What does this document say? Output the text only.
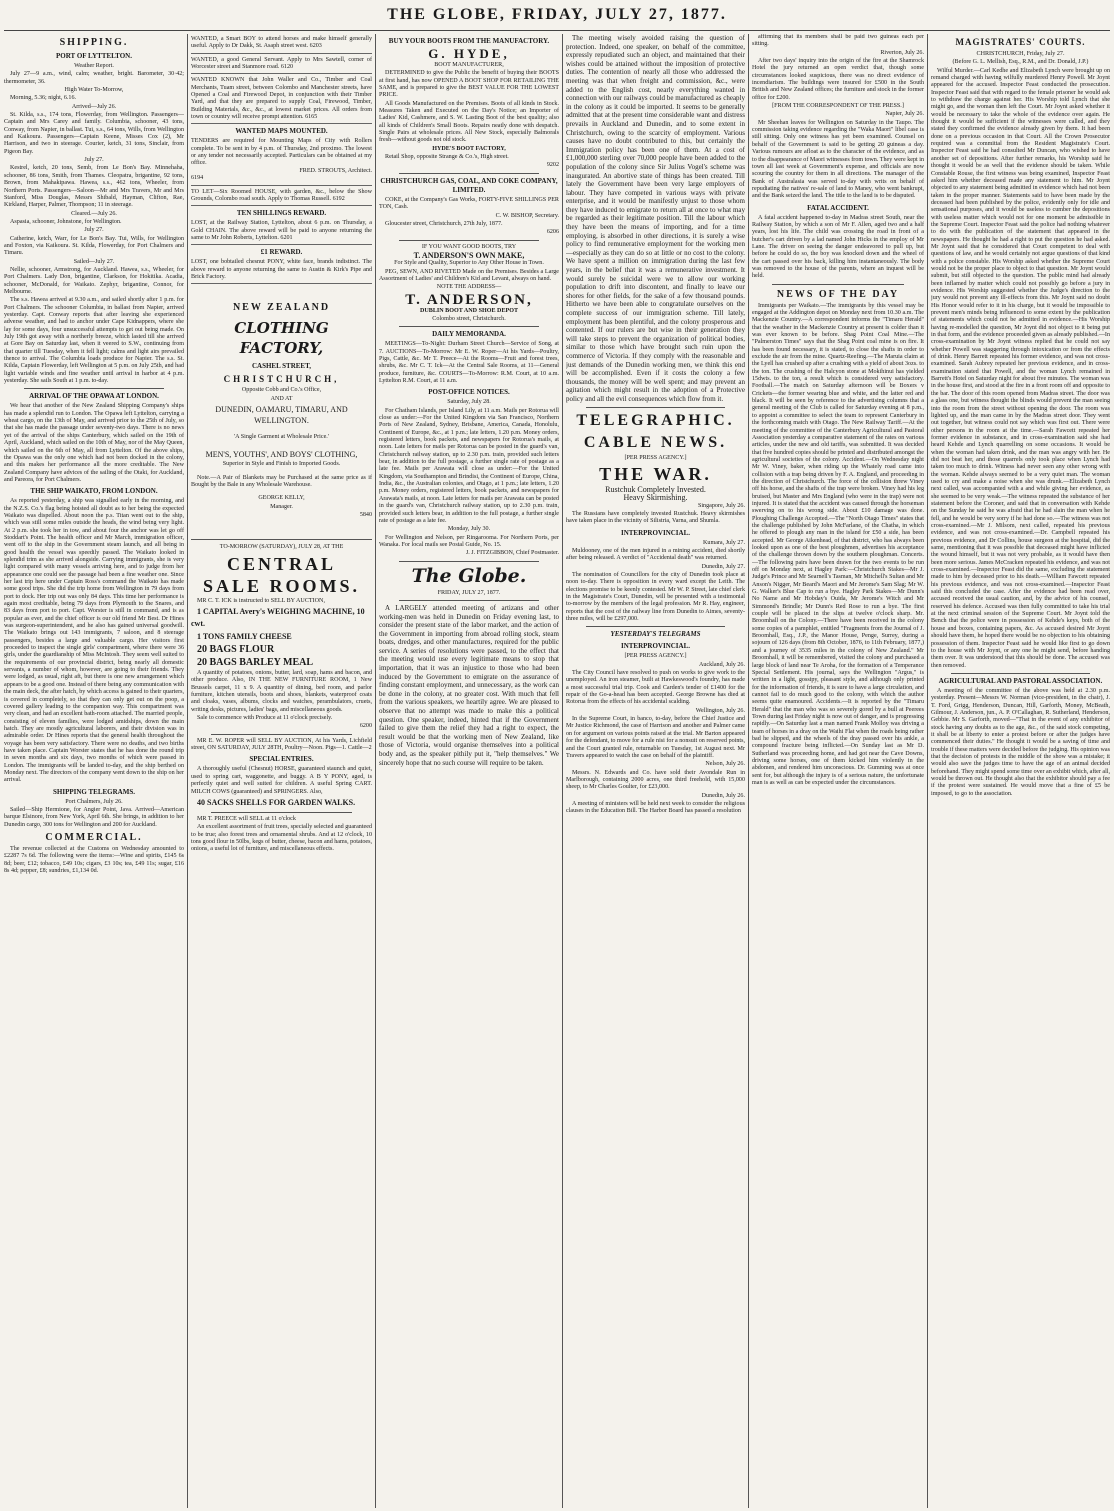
THE GLOBE, FRIDAY, JULY 27, 1877.
SHIPPING.
PORT OF LYTTELTON.

Weather Report.

July 27—9 a.m., wind, calm; weather, bright. Barometer, 30·42; thermometer, 36.

High Water To-Morrow,

Morning, 5.36; night, 6.16.

Arrived—July 26.

St. Kilda, s.s., 174 tons, Flowerday, from Wellington. Passengers—Captain and Mrs Carey and family. Columbia, schooner, 43 tons, Conway, from Napier, in ballast. Tui, s.s., 64 tons, Wills, from Wellington and Kaikoura. Passengers—Captain Keene, Misses Cox (2), Mr Harrison, and two in steerage. Courier, ketch, 31 tons, Sinclair, from Pigeon Bay.

July 27.

Kestrel, ketch, 20 tons, Semb, from Le Bon's Bay. Minnehaha, schooner, 86 tons, Smith, from Thames. Cleopatra, brigantine, 92 tons, Brown, from Mahakipawa. Hawea, s.s., 462 tons, Wheeler, from Northern Ports. Passengers—Saloon—Mr and Mrs Travers, Mr and Mrs Stanford, Miss Douglas, Messrs Shibald, Hayman, Clifton, Rae, Kirkland, Harper, Palmer, Thompson; 11 in steerage.

Cleared.—July 26.

Aspasia, schooner, Johnstone, for Wellington.

July 27.

Catherine, ketch, Warr, for Le Bon's Bay. Tui, Wills, for Wellington and Foxton, via Kaikoura. St. Kilda, Flowerday, for Port Chalmers and Timaru.

Sailed—July 27.

Nellie, schooner, Armstrong, for Auckland. Hawea, s.s., Wheeler, for Port Chalmers. Lady Don, brigantine, Clarkson, for Hokitika. Acadia, schooner, McDonald, for Waikato. Zephyr, brigantine, Connor, for Melbourne.

The s.s. Hawea arrived at 9.30 a.m., and sailed shortly after 1 p.m. for Port Chalmers. The schooner Columbia, in ballast from Napier, arrived yesterday. Capt. Conway reports that after leaving she experienced adverse weather, and had to anchor under Cape Kidnappers, where she lay for some days, four unsuccessful attempts to get out being made. On July 19th got away with a northerly breeze, which lasted till she arrived at Gore Bay on Saturday last, when it veered to S.W., continuing from that quarter till Tuesday, when it fell light; calms and light airs prevailed thence to arrival. The Columbia loads produce for Napier. The s.s. St. Kilda, Captain Flowerday, left Wellington at 5 p.m. on July 25th, and had light variable winds and fine weather until arrival in harbor at 4 p.m. yesterday. She sails South at 1 p.m. to-day.

ARRIVAL OF THE OPAWA AT LONDON.

We hear that another of the New Zealand Shipping Company's ships has made a splendid run to London. The Opawa left Lyttelton, carrying a wheat cargo, on the 13th of May, and arrived prior to the 25th of July, so that she has made the passage under seventy-two days. There is no news yet of the arrival of the ships Canterbury, which sailed on the 19th of April, Auckland, which sailed on the 10th of May, nor of the May Queen, which sailed on the 6th of May, all from Lyttelton. Of the above ships, the Opawa was the only one which had not been docked in the colony, and this makes her performance all the more creditable. The New Zealand Company have advices of the sailing of the Otaki, for Auckland, and Pareora, for Port Chalmers.

THE SHIP WAIKATO, FROM LONDON.

As reported yesterday, a ship was signalled early in the morning, and the N.Z.S. Co.'s flag being hoisted all doubt as to her being the expected Waikato was dispelled. About noon the p.s. Titan went out to the ship, which was still some miles outside the heads, the wind being very light. At 2 p.m. she took her in tow, and about four the anchor was let go off Stoddart's Point. The health officer and Mr March, immigration officer, went off to the ship in the Government steam launch, and all being in good health the vessel was speedily passed. The Waikato looked in splendid trim as she arrived alongside. Carrying immigrants, she is very light compared with many vessels arriving here, and to judge from her appearance one could see the passage had been a fine weather one. Since her last trip here under Captain Ross's command the Waikato has made some good trips. She did the trip home from Wellington in 79 days from port to dock. Her trip out was only 84 days. This time her performance is again most creditable, being 79 days from Plymouth to the Snares, and 83 days from port to port. Capt. Worster is still in command, and is as popular as ever, and the chief officer is our old friend Mr Best. Dr Hines was surgeon-superintendent, and he also has gained universal goodwill. The Waikato brings out 143 immigrants, 7 saloon, and 8 steerage passengers, besides a large and valuable cargo. Her visitors first proceeded to inspect the single girls' compartment, where there were 36 girls, under the guardianship of Miss McIntosh. They seem well suited to the requirements of our provincial district, being nearly all domestic servants, a number of whom, however, are going to their friends. They were lodged, as usual, right aft, but there is one new arrangement which appears to be a good one. Instead of there being any communication with the main deck, the after hatch, by which access is gained to their quarters, is covered in completely, so that they can only get out on the poop, a covered gallery leading to the companion way. This compartment was very clean, and had an excellent bath-room attached. The married people, consisting of eleven families, were lodged amidships, down the main hatch. They are mostly agricultural laborers, and their division was in admirable order. Dr Hines reports that the general health throughout the voyage has been very satisfactory. There were no deaths, and two births have taken place. Captain Worster states that he has done the round trip in seven months and six days, two months of which were passed in London. The immigrants will be landed to-day, and the ship berthed on Monday next. The directors of the company went down to the ship on her arrival.

SHIPPING TELEGRAMS.

Port Chalmers, July 26.

Sailed—Ship Hermione, for Angier Point, Java. Arrived—American barque Elsinore, from New York, April 6th. She brings, in addition to her Dunedin cargo, 300 tons for Wellington and 200 for Auckland.

COMMERCIAL.

The revenue collected at the Customs on Wednesday amounted to £2287 7s 6d. The following were the items:—Wine and spirits, £145 6s 8d; beer, £12; tobacco, £49 10s; cigars, £3 10s; tea, £49 11s; sugar, £16 8s 4d; pepper, £8; sundries, £1,134 0d.

WANTED, a Smart BOY to attend horses and make himself generally useful. Apply to Dr Dakk, St. Asaph street west. 6203
WANTED, a good General Servant. Apply to Mrs Sawtell, corner of Worcester street and Stanmore road. 6120
WANTED KNOWN that John Waller and Co., Timber and Coal Merchants, Tuam street, between Colombo and Manchester streets, have Opened a Coal and Firewood Depot, in conjunction with their Timber Yard, and that they are prepared to supply Coal, Firewood, Timber, Building Materials, &c., &c., at lowest market prices. All orders from town or country will receive prompt attention. 6165
WANTED MAPS MOUNTED.
TENDERS are required for Mounting Maps of City with Rollers complete. To be sent in by 4 p.m. of Thursday, 2nd proximo. The lowest or any tender not necessarily accepted. Particulars can be obtained at my office.
FRED. STROUTS, Architect.
6194
TO LET—Six Roomed HOUSE, with garden, &c., below the Show Grounds, Colombo road south. Apply to Thomas Russell. 6192
TEN SHILLINGS REWARD.
LOST, at the Railway Station, Lyttelton, about 6 p.m. on Thursday, a Gold CHAIN. The above reward will be paid to anyone returning the same to Mr John Roberts, Lyttelton. 6201
£1 REWARD.
LOST, one bobtailed chesnut PONY, white face, brands indistinct. The above reward to anyone returning the same to Austin & Kirk's Pipe and Brick Factory.
NEW ZEALAND
CLOTHING FACTORY,
CASHEL STREET,
CHRISTCHURCH,

Opposite Cobb and Co.'s Office,

AND AT

DUNEDIN, OAMARU, TIMARU, AND WELLINGTON.

'A Single Garment at Wholesale Price.'

MEN'S, YOUTHS', AND BOYS' CLOTHING,

Superior in Style and Finish to Imported Goods.

Note.—A Pair of Blankets may be Purchased at the same price as if Bought by the Bale in any Wholesale Warehouse.

GEORGE KELLY,

Manager.

5840

TO-MORROW (SATURDAY), JULY 28, AT THE

CENTRAL
SALE ROOMS.

MR C. T. ICK is instructed to SELL BY AUCTION,

1 CAPITAL Avery's WEIGHING MACHINE, 10 cwt.

1 TONS FAMILY CHEESE

20 BAGS FLOUR

20 BAGS BARLEY MEAL

A quantity of potatoes, onions, butter, lard, soap, hams and bacon, and other produce. Also, IN THE NEW FURNITURE ROOM, 1 New Brussels carpet, 11 x 9. A quantity of dining, bed room, and parlor furniture, kitchen utensils, boots and shoes, blankets, waterproof coats and cloaks, vases, albums, clocks and watches, perambulators, cruets, writing desks, pictures, ladies' bags, and miscellaneous goods.

Sale to commence with Produce at 11 o'clock precisely.

6200

MR E. W. ROPER will SELL BY AUCTION, At his Yards, Lichfield street, ON SATURDAY, JULY 28TH, Poultry—Noon. Pigs—1. Cattle—2

SPECIAL ENTRIES.

A thoroughly useful (Chesnut) HORSE, guaranteed staunch and quiet, used to spring cart, waggonette, and buggy. A B Y PONY, aged, is perfectly quiet and well suited for children. A useful Spring CART. MILCH COWS (guaranteed) and SPRINGERS. Also,

40 SACKS SHELLS FOR GARDEN WALKS.

MR T. PREECE will SELL at 11 o'clock

An excellent assortment of fruit trees, specially selected and guaranteed to be true; also forest trees and ornamental shrubs. And at 12 o'clock, 10 tons good flour in 50lbs, kegs of butter, cheese, bacon and hams, potatoes, onions, a useful lot of furniture, and miscellaneous effects.

BUY YOUR BOOTS FROM THE MANUFACTORY.
G. HYDE,

BOOT MANUFACTURER,

DETERMINED to give the Public the benefit of buying their BOOTS at first hand, has now OPENED A BOOT SHOP FOR RETAILING THE SAME, and is prepared to give the BEST VALUE FOR THE LOWEST PRICE.

All Goods Manufactured on the Premises. Boots of all kinds in Stock. Measures Taken and Executed on the Day's Notice; an Importer of Ladies' Kid, Cashmere, and S. W. Lasting Boot of the best quality; also all kinds of Children's Small Boots. Repairs neatly done with despatch. Single Pairs at wholesale prices. All New Stock, especially Balmorals fresh—without goods not old stock.

HYDE'S BOOT FACTORY,

Retail Shop, opposite Strange & Co.'s, High street.

9202

CHRISTCHURCH GAS, COAL, AND COKE COMPANY, LIMITED.

COKE, at the Company's Gas Works, FORTY-FIVE SHILLINGS PER TON, Cash.

C. W. BISHOP, Secretary.

Gloucester street, Christchurch, 27th July, 1877.

6206

IF YOU WANT GOOD BOOTS, TRY

T. ANDERSON'S OWN MAKE,

For Style and Quality, Superior to Any Other House in Town.

PEG, SEWN, AND RIVETED Made on the Premises. Besides a Large Assortment of Ladies' and Children's Kid and Levant, always on hand.

NOTE THE ADDRESS—

T. ANDERSON,

DUBLIN BOOT AND SHOE DEPOT

Colombo street, Christchurch.

DAILY MEMORANDA.

MEETINGS—To-Night: Durham Street Church—Service of Song, at 7. AUCTIONS—To-Morrow: Mr E. W. Roper—At his Yards—Poultry, Pigs, Cattle, &c. Mr T. Preece—At the Rooms—Fruit and forest trees, shrubs, &c. Mr C. T. Ick—At the Central Sale Rooms, at 11—General produce, furniture, &c. COURTS—To-Morrow: R.M. Court, at 10 a.m. Lyttelton R.M. Court, at 11 a.m.

POST-OFFICE NOTICES.

Saturday, July 28.

For Chatham Islands, per Island Lily, at 11 a.m. Mails per Rotorua will close as under:—For the United Kingdom via San Francisco, Northern Ports of New Zealand, Sydney, Brisbane, America, Canada, Honolulu, Continent of Europe, &c., at 1 p.m.; late letters, 1.20 p.m. Money orders, registered letters, book packets, and newspapers for Rotorua's mails, at noon. Late letters for mails per Rotorua can be posted in the guard's van, Christchurch railway station, up to 2.30 p.m. train, provided such letters bear, in addition to the full postage, a further single rate of postage as a late fee. Mails per Arawata will close as under:—For the United Kingdom, via Southampton and Brindisi, the Continent of Europe, China, India, &c., the Australian colonies, and Otago, at 1 p.m.; late letters, 1.20 p.m. Money orders, registered letters, book packets, and newspapers for Arawata's mails, at noon. Late letters for mails per Arawata can be posted in the guard's van, Christchurch railway station, up to 2.30 p.m. train, provided such letters bear, in addition to the full postage, a further single rate of postage as a late fee.

Monday, July 30.

For Wellington and Nelson, per Ringarooma. For Northern Ports, per Wanaka. For local mails see Postal Guide, No. 15.

J. J. FITZGIBBON, Chief Postmaster.

The Globe.

FRIDAY, JULY 27, 1877.

A LARGELY attended meeting of artizans and other working-men was held in Dunedin on Friday evening last, to consider the present state of the labor market, and the action of the Government in importing from abroad rolling stock, steam boats, dredges, and other manufactures, required for the public service. A series of resolutions were passed, to the effect that the meeting would use every legitimate means to stop that importation, that it was an injustice to those who had been induced by the Government to emigrate on the assurance of finding constant employment, and unnecessary, as the work can be done in the colony, at no greater cost. With much that fell from the various speakers, we heartily agree. We are pleased to observe that no attempt was made to make this a political question. One speaker, indeed, hinted that if the Government failed to give them the relief they had a right to expect, the result would be that the working men of New Zealand, like those of Victoria, would organise themselves into a political body and, as the speaker pithily put it, "help themselves." We sincerely hope that no such course will require to be taken.

The meeting wisely avoided raising the question of protection. Indeed, one speaker, on behalf of the committee, expressly repudiated such an object, and maintained that their wishes could be attained without the imposition of protective duties. The contention of nearly all those who addressed the meeting was that when freight and commission, &c., were added to the English cost, nearly everything wanted in connection with our railways could be manufactured as cheaply in the colony as it could be imported. It seems to be generally admitted that at the present time considerable want and distress prevails in Auckland and Dunedin, and to some extent in Christchurch, owing to the scarcity of employment. Various causes have no doubt contributed to this, but certainly the Immigration policy has been one of them. At a cost of £1,000,000 sterling over 70,000 people have been added to the population of the colony since Sir Julius Vogel's scheme was inaugurated. An abortive state of things has been created. Till lately the Government have been very large employers of labour. They have competed in various ways with private enterprise, and it would be manifestly unjust to those whom they have induced to emigrate to return all at once to what may be regarded as their legitimate position. Till the labour which they have been the means of importing, and for a time employing, is absorbed in other directions, it is surely a wise policy to find remunerative employment for the working men—especially as they can do so at little or no cost to the colony. We have spent a million on immigration during the last few years, in the belief that it was a remunerative investment. It would surely be suicidal were we to allow our working population to drift into discontent, and finally to leave our shores for other fields, for the sake of a few thousand pounds. Hitherto we have been able to congratulate ourselves on the complete success of our immigration scheme. Till lately, employment has been plentiful, and the colony prosperous and contented. If our rulers are but wise in their generation they will take steps to prevent the organization of political bodies, similar to those which have brought such ruin upon the commerce of Victoria. If they comply with the reasonable and just demands of the Dunedin working men, we think this end will be accomplished. Even if it costs the colony a few thousands, the money will be well spent; and may prevent an agitation which might result in the adoption of a Protective policy and all the evil consequences which flow from it.

TELEGRAPHIC.
CABLE NEWS.

[PER PRESS AGENCY.]

THE WAR.

Rustchuk Completely Invested.

Heavy Skirmishing.

Singapore, July 26.

The Russians have completely invested Rustchuk. Heavy skirmishes have taken place in the vicinity of Silistria, Varna, and Shumla.

INTERPROVINCIAL.

Kumara, July 27.

Muldooney, one of the men injured in a mining accident, died shortly after being released. A verdict of "Accidental death" was returned.

Dunedin, July 27.

The nomination of Councillors for the city of Dunedin took place at noon to-day. There is opposition in every ward except the Leith. The elections promise to be keenly contested. Mr W. P. Street, late chief clerk in the Magistrate's Court, Dunedin, will be presented with a testimonial to-morrow by the members of the legal profession. Mr R. Hay, engineer, reports that the cost of the railway line from Dunedin to Aimes, seventy-three miles, will be £297,000.

YESTERDAY'S TELEGRAMS
INTERPROVINCIAL.

[PER PRESS AGENCY.]

Auckland, July 26.

The City Council have resolved to push on works to give work to the unemployed. An iron steamer, built at Hawkeswood's foundry, has made a most successful trial trip. Cook and Carden's tender of £1400 for the repair of the Go-a-head has been accepted. George Browne has died at Rotorua from the effects of his accidental scalding.

Wellington, July 26.

In the Supreme Court, in banco, to-day, before the Chief Justice and Mr Justice Richmond, the case of Harrison and another and Palmer came on for argument on various points raised at the trial. Mr Barton appeared for the defendant, to move for a rule nisi for a nonsuit on reserved points, and the Court granted rule, returnable on Tuesday, 1st August next. Mr Travers appeared to watch the case on behalf of the plaintiff.

Nelson, July 26.

Messrs. N. Edwards and Co. have sold their Avondale Run in Marlborough, containing 2000 acres, one third freehold, with 15,000 sheep, to Mr Charles Goulter, for £23,000.

Dunedin, July 26.

A meeting of ministers will be held next week to consider the religious clauses in the Education Bill. The Harbor Board has passed a resolution

affirming that its members shall be paid two guineas each per sitting.

Riverton, July 26.

After two days' inquiry into the origin of the fire at the Shamrock Hotel the jury returned an open verdict that, though some circumstances looked suspicious, there was no direct evidence of incendiarism. The buildings were insured for £500 in the South British and New Zealand offices; the furniture and stock in the former office for £200.

[FROM THE CORRESPONDENT OF THE PRESS.]

Napier, July 26.

Mr Sheehan leaves for Wellington on Saturday in the Taupo. The commission taking evidence regarding the "Waka Maori" libel case is still sitting. Only one witness has yet been examined. Counsel on behalf of the Government is said to be getting 20 guineas a day. Various rumours are afloat as to the character of the evidence, and as to the disappearance of Maori witnesses from town. They were kept in town all last week at Government's expense, and officials are now scouring the country for them in all directions. The manager of the Bank of Australasia was served to-day with writs on behalf of repudiating the natives' re-sale of land to Maney, who went bankrupt, and the Bank seized the land. The title to the land is to be disputed.

FATAL ACCIDENT.

A fatal accident happened to-day in Madras street South, near the Railway Station, by which a son of Mr F. Allen, aged two and a half years, lost his life. The child was crossing the road in front of a butcher's cart driven by a lad named John Hicks in the employ of Mr Lane. The driver on seeing the danger endeavored to pull up, but before he could do so, the boy was knocked down and the wheel of the cart passed over his back, killing him instantaneously. The body was removed to the house of the parents, where an inquest will be held.

NEWS OF THE DAY

Immigrants per Waikato.—The immigrants by this vessel may be engaged at the Addington depot on Monday next from 10.30 a.m. The Mackenzie Country.—A correspondent informs the "Timaru Herald" that the weather in the Mackenzie Country at present is colder than it was ever known to be before. Shag Point Coal Mine.—The "Palmerston Times" says that the Shag Point coal mine is on fire. It has been found necessary, it is stated, to close the shafts in order to exclude the air from the mine. Quartz-Reefing.—The Maruia claim at the Lyell has crushed up after a crushing with a yield of about 3ozs. to the ton. The crushing of the Halcyon stone at Mokihinui has yielded 15dwts. to the ton, a result which is considered very satisfactory. Football.—The match on Saturday afternoon will be Boxers v Crickets—the former wearing blue and white, and the latter red and black. It will be seen by reference to the advertising columns that a general meeting of the Club is called for Saturday evening at 8 p.m., to appoint a committee to select the team to represent Canterbury in the forthcoming match with Otago. The New Railway Tariff.—At the meeting of the committee of the Canterbury Agricultural and Pastoral Association yesterday a comparative statement of the rates on various articles, under the new and old tariffs, was submitted. It was decided that five hundred copies should be printed and distributed amongst the agricultural societies of the colony. Accident.—On Wednesday night Mr W. Viney, baker, when riding up the Whately road came into collision with a trap being driven by F. A. England, and proceeding in the direction of Christchurch. The force of the collision threw Viney off his horse, and the shafts of the trap were broken. Viney had his leg bruised, but Master and Mrs England (who were in the trap) were not injured. It is stated that the accident was caused through the horseman swerving on to his wrong side. About £10 damage was done. Ploughing Challenge Accepted.—The "North Otago Times" states that the challenge published by John McFarlane, of the Chatha, in which he offered to plough any man in the island for £50 a side, has been accepted. Mr George Aikenhead, of that district, who has always been looked upon as one of the best ploughmen, advertises his acceptance of the challenge thrown down by the southern ploughman. Concerts.—The following pairs have been drawn for the two events to be run off on Monday next, at Hagley Park:—Christchurch Stakes—Mr J. Judge's Prince and Mr Searnell's Tasman, Mr Mitchell's Sultan and Mr Anson's Nigger, Mr Beard's Maori and Mr Jerome's Sam Slag; Mr W. G. Walker's Blue Cap to run a bye. Hagley Park Stakes—Mr Dunn's No Name and Mr Hobday's Ouida, Mr Jerome's Witch and Mr Simmond's Brindle; Mr Dunn's Red Rose to run a bye. The first couple will be placed in the slips at twelve o'clock sharp. Mr. Broomhall on the Colony.—There have been received in the colony some copies of a pamphlet, entitled "Fragments from the Journal of J. Broomhall, Esq., J.P., the Manor House, Penge, Surrey, during a sojourn of 126 days (from 8th October, 1876, to 11th February, 1877,) and a journey of 3535 miles in the colony of New Zealand." Mr Broomhall, it will be remembered, visited the colony and purchased a large block of land near Te Aroha, for the formation of a Temperance Special Settlement. His journal, says the Wellington "Argus," is written in a light, gossipy, pleasant style, and although only printed for the information of friends, it is sure to have a large circulation, and cannot fail to do much good to the colony, with which the author seems quite enamoured. Accidents.—It is reported by the "Timaru Herald" that the man who was so severely gored by a bull at Peerees Town during last Friday night is now out of danger, and is progressing rapidly.—On Saturday last a man named Frank Molloy was driving a team of horses in a dray on the Waihi Flat when the roads being rather bad he slipped, and the wheels of the dray passed over his ankle, a compound fracture being inflicted.—On Sunday last as Mr D. Sutherland was proceeding home, and had got near the Cave Downs, driving some horses, one of them kicked him violently in the abdomen, and rendered him unconscious. Dr. Gumming was at once sent for, but although the injury is of a serious nature, the unfortunate man is as well as can be expected under the circumstances.

MAGISTRATES' COURTS.

CHRISTCHURCH, Friday, July 27.

(Before G. L. Mellish, Esq., R.M., and Dr. Donald, J.P.)

Wilful Murder.—Carl Kedhe and Elizabeth Lynch were brought up on remand charged with having wilfully murdered Henry Powell. Mr Joynt appeared for the accused. Inspector Feast conducted the prosecution. Inspector Feast said that with regard to the female prisoner he would ask to withdraw the charge against her. His Worship told Lynch that she might go, and the woman then left the Court. Mr Joynt asked whether it would be necessary to take the whole of the evidence over again. He thought it would be sufficient if the witnesses were called, and they stated they confirmed the evidence already given by them. It had been done on a previous occasion in that Court. All the Crown Prosecutor required was a committal from the Resident Magistrate's Court. Inspector Feast said he had consulted Mr Duncan, who wished to have another set of depositions. After further remarks, his Worship said he thought it would be as well that the evidence should be taken. While Constable Rouse, the first witness was being examined, Inspector Feast asked him whether deceased made any statement to him. Mr Joynt objected to any statement being admitted in evidence which had not been taken in the proper manner. Statements said to have been made by the deceased had been published by the police, evidently only for idle and sensational purposes, and it would be useless to cumber the depositions with useless matter which would not for one moment be admissible in the Supreme Court. Inspector Feast said the police had nothing whatever to do with the publication of the statement that appeared in the newspapers. He thought he had a right to put the question he had asked. Mr Joynt said that he considered that Court competent to deal with questions of law, and he would certainly not argue questions of that kind with a police constable. His Worship asked whether the Supreme Court would not be the proper place to object to that question. Mr Joynt would submit, but still objected to the question. The public mind had already been inflamed by matter which could not possibly go before a jury in evidence. His Worship suggested whether the Judge's direction to the jury would not prevent any ill-effects from this. Mr Joynt said no doubt His Honor would refer to it in his charge, but it would be impossible to prevent men's minds being influenced to some extent by the publication of statements which could not be admitted in evidence.—His Worship having re-modelled the question, Mr Joynt did not object to it being put in that form, and the evidence proceeded given as already published.—In cross-examination by Mr Joynt witness replied that he could not say whether Powell was staggering through intoxication or from the effects of drink. Henry Barrett repeated his former evidence, and was not cross-examined. Sarah Aubrey repeated her previous evidence, and in cross-examination stated that Powell, and the woman Lynch remained in Barrett's Hotel on Saturday night for about five minutes. The woman was in the house first, and stood at the fire in a front room off and opposite to the bar. The door of this room opened from Madras street. The door was a glass one, but witness thought the blinds would prevent the man seeing into the room from the street without opening the door. The room was lighted up, and the man came in by the Madras street door. They went out together, but witness could not say which was first out. There were other persons in the room at the time.—Sarah Fawcett repeated her former evidence in substance, and in cross-examination said she had heard Kehde and Lynch quarrelling on some occasions. It would be when the woman had taken drink, and the man was angry with her. He did not beat her, and those quarrels only took place when Lynch had taken too much to drink. Witness had never seen any other wrong with the woman. Kehde always seemed to be a very quiet man. The woman used to cry and make a noise when she was drunk.—Elizabeth Lynch next called, was accompanied with a and while giving her evidence, as she seemed to be very weak.—The witness repeated the substance of her statement before the Coroner, and said that in conversation with Kehde on the Sunday he said he was afraid that he had slain the man when he fell, and he would be very sorry if he had done so.—The witness was not cross-examined.—Mr J. Milsom, next called, repeated his previous evidence, and was not cross-examined.—Dr. Campbell repeated his previous evidence, and Dr Collins, house surgeon at the hospital, did the same, mentioning that it was possible that deceased might have inflicted the wound himself, but it was not very probable, as it would have then been more serious. James McCracken repeated his evidence, and was not cross-examined.—Inspector Feast did the same, excluding the statement made to him by deceased prior to his death.—William Fawcett repeated his previous evidence, and was not cross-examined.—Inspector Feast said this concluded the case. After the evidence had been read over, accused received the usual caution, and, by the advice of his counsel, reserved his defence. Accused was then fully committed to take his trial at the next criminal session of the Supreme Court. Mr Joynt told the Bench that the police were in possession of Kehde's keys, both of the house and boxes, containing papers, &c. As accused desired Mr Joynt should have them, he hoped there would be no objection to his obtaining possession of them. Inspector Feast said he would like first to go down to the house with Mr Joynt, or any one he might send, before handing them over. It was understood that this should be done. The accused was then removed.

AGRICULTURAL AND PASTORAL ASSOCIATION.

A meeting of the committee of the above was held at 2.30 p.m. yesterday. Present—Messrs W. Norman (vice-president, in the chair), J. T. Ford, Grigg, Henderson, Duncan, Hill, Garforth, Money, McBeath, Gilmour, J. Anderson, jun., A. P. O'Callaghan, R. Sutherland, Henderson, Gebbie. Mr S. Garforth, moved—"That in the event of any exhibitor of stock having any doubts as to the age, &c., of the said stock competing, it shall be at liberty to enter a protest before or after the judges have commenced their duties." He thought it would be a saving of time and trouble if these matters were decided before the judging. His opinion was that the decision of protests in the middle of the show was a mistake; it would also save the judges time to have the age of an animal decided beforehand. They might spend some time over an exhibit which, after all, would be thrown out. He thought also that the exhibitor should pay a fee if the protest were sustained. He would move that a fine of £5 be imposed, to go to the association.
